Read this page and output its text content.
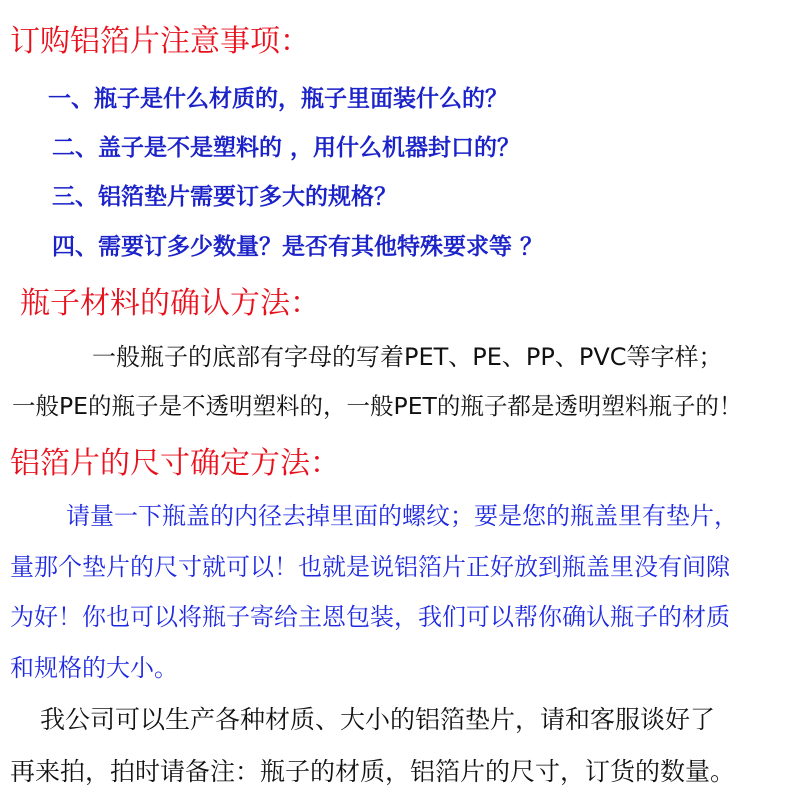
订购铝箔片注意事项：
一、瓶子是什么材质的，瓶子里面装什么的？
二、盖子是不是塑料的 ，用什么机器封口的？
三、铝箔垫片需要订多大的规格？
四、需要订多少数量？是否有其他特殊要求等 ？
瓶子材料的确认方法：
一般瓶子的底部有字母的写着PET、PE、PP、PVC等字样；
一般PE的瓶子是不透明塑料的，一般PET的瓶子都是透明塑料瓶子的！
铝箔片的尺寸确定方法：
请量一下瓶盖的内径去掉里面的螺纹；要是您的瓶盖里有垫片，
量那个垫片的尺寸就可以！也就是说铝箔片正好放到瓶盖里没有间隙
为好！你也可以将瓶子寄给主恩包装，我们可以帮你确认瓶子的材质
和规格的大小。
我公司可以生产各种材质、大小的铝箔垫片，请和客服谈好了
再来拍，拍时请备注：瓶子的材质，铝箔片的尺寸，订货的数量。
